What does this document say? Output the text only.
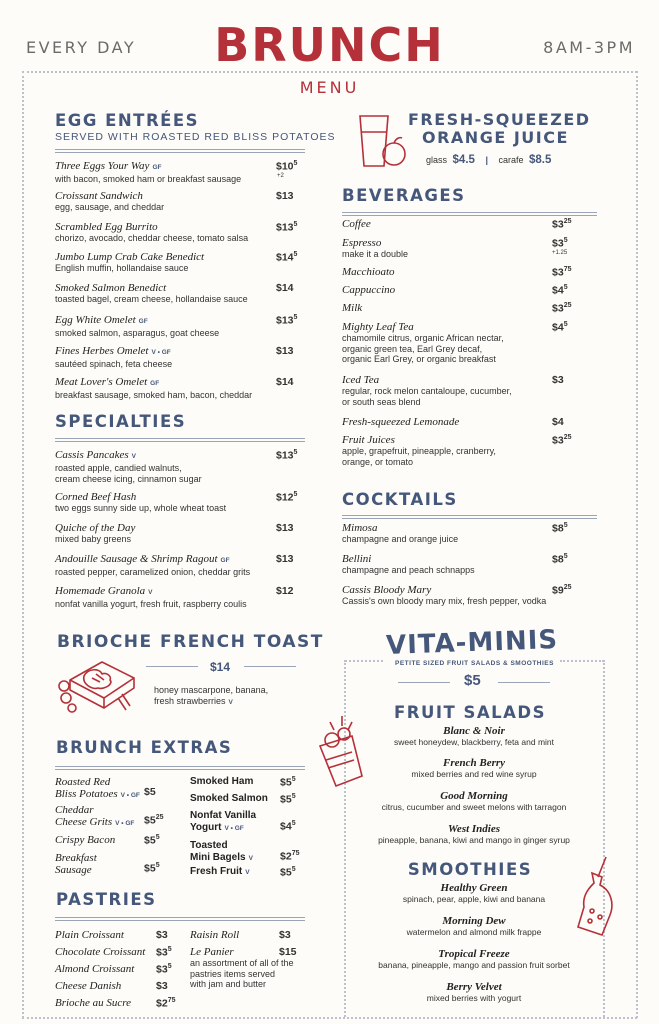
EVERY DAY	8AM-3PM
BRUNCH
MENU
EGG ENTRÉES
SERVED WITH ROASTED RED BLISS POTATOES
Three Eggs Your Way GF
with bacon, smoked ham or breakfast sausage
$\$10^5$
+2
Croissant Sandwich
egg, sausage, and cheddar
$13
Scrambled Egg Burrito
chorizo, avocado, cheddar cheese, tomato salsa
$\$13^5$
Jumbo Lump Crab Cake Benedict
English muffin, hollandaise sauce
$\$14^5$
Smoked Salmon Benedict
toasted bagel, cream cheese, hollandaise sauce
$14
Egg White Omelet GF
smoked salmon, asparagus, goat cheese
$\$13^5$
Fines Herbes Omelet V • GF
sautéed spinach, feta cheese
$13
Meat Lover's Omelet GF
breakfast sausage, smoked ham, bacon, cheddar
$14
SPECIALTIES
Cassis Pancakes V
roasted apple, candied walnuts,
cream cheese icing, cinnamon sugar
$\$13^5$
Corned Beef Hash
two eggs sunny side up, whole wheat toast
$\$12^5$
Quiche of the Day
mixed baby greens
$13
Andouille Sausage & Shrimp Ragout GF
roasted pepper, caramelized onion, cheddar grits
$13
Homemade Granola V
nonfat vanilla yogurt, fresh fruit, raspberry coulis
$12
BRIOCHE FRENCH TOAST
$14
honey mascarpone, banana,
fresh strawberries V
BRUNCH EXTRAS
Roasted Red
Bliss Potatoes V • GF $5
Cheddar
Cheese Grits V • GF $\$5^{25}$
Crispy Bacon	$\$5^5$
Breakfast
Sausage	$\$5^5$
Smoked Ham	$\$5^5$
Smoked Salmon	$\$5^5$
Nonfat Vanilla
Yogurt V • GF	$\$4^5$
Toasted
Mini Bagels V	$\$2^{75}$
Fresh Fruit V	$\$5^5$
PASTRIES
Plain Croissant	$3
Chocolate Croissant	$\$3^5$
Almond Croissant	$\$3^5$
Cheese Danish	$3
Brioche au Sucre	$\$2^{75}$
Raisin Roll	$3
Le Panier
an assortment of all of the
pastries items served
with jam and butter
$15
FRESH-SQUEEZED
ORANGE JUICE
glass $4.5 | carafe $8.5
BEVERAGES
Coffee	$\$3^{25}$
Espresso
make it a double
$\$3^5$
+1.25
Macchioato	$\$3^{75}$
Cappuccino	$\$4^5$
Milk	$\$3^{25}$
Mighty Leaf Tea
chamomile citrus, organic African nectar,
organic green tea, Earl Grey decaf,
organic Earl Grey, or organic breakfast
$\$4^5$
Iced Tea
regular, rock melon cantaloupe, cucumber,
or south seas blend
$3
Fresh-squeezed Lemonade	$4
Fruit Juices
apple, grapefruit, pineapple, cranberry,
orange, or tomato
$\$3^{25}$
COCKTAILS
Mimosa
champagne and orange juice
$\$8^5$
Bellini
champagne and peach schnapps
$\$8^5$
Cassis Bloody Mary
Cassis's own bloody mary mix, fresh pepper, vodka
$\$9^{25}$
VITA-MINIS
PETITE SIZED FRUIT SALADS & SMOOTHIES
$5
FRUIT SALADS
Blanc & Noir
sweet honeydew, blackberry, feta and mint
French Berry
mixed berries and red wine syrup
Good Morning
citrus, cucumber and sweet melons with tarragon
West Indies
pineapple, banana, kiwi and mango in ginger syrup
SMOOTHIES
Healthy Green
spinach, pear, apple, kiwi and banana
Morning Dew
watermelon and almond milk frappe
Tropical Freeze
banana, pineapple, mango and passion fruit sorbet
Berry Velvet
mixed berries with yogurt
